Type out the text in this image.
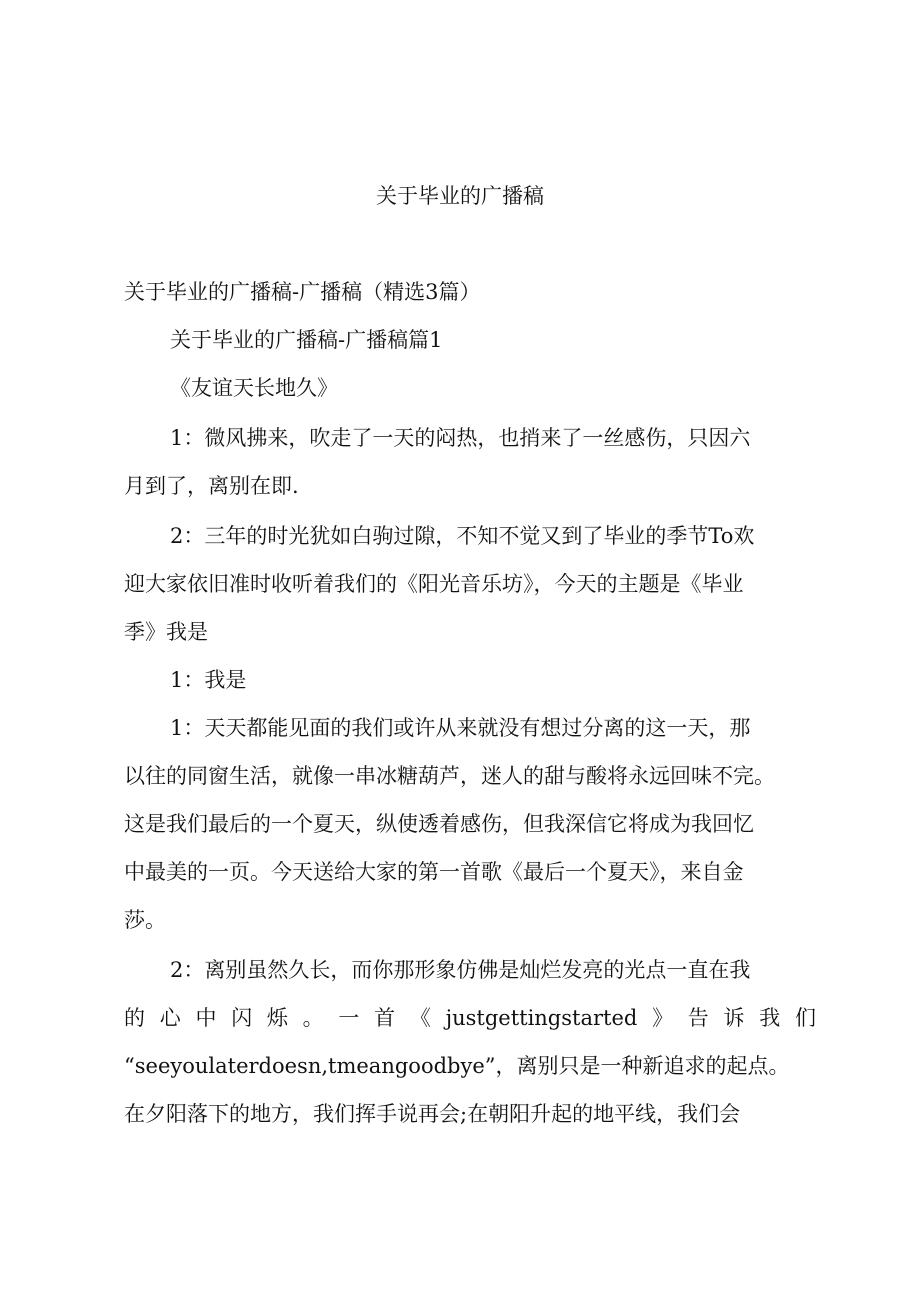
关于毕业的广播稿
关于毕业的广播稿-广播稿（精选3篇）
关于毕业的广播稿-广播稿篇1
《友谊天长地久》
1：微风拂来，吹走了一天的闷热，也捎来了一丝感伤，只因六
月到了，离别在即.
2：三年的时光犹如白驹过隙，不知不觉又到了毕业的季节To欢
迎大家依旧准时收听着我们的《阳光音乐坊》，今天的主题是《毕业
季》我是
1：我是
1：天天都能见面的我们或许从来就没有想过分离的这一天，那
以往的同窗生活，就像一串冰糖葫芦，迷人的甜与酸将永远回味不完。
这是我们最后的一个夏天，纵使透着感伤，但我深信它将成为我回忆
中最美的一页。今天送给大家的第一首歌《最后一个夏天》，来自金
莎。
2：离别虽然久长，而你那形象仿佛是灿烂发亮的光点一直在我
的心中闪烁。一首《justgettingstarted》告诉我们
“seeyoulaterdoesn,tmeangoodbye”，离别只是一种新追求的起点。
在夕阳落下的地方，我们挥手说再会;在朝阳升起的地平线，我们会
